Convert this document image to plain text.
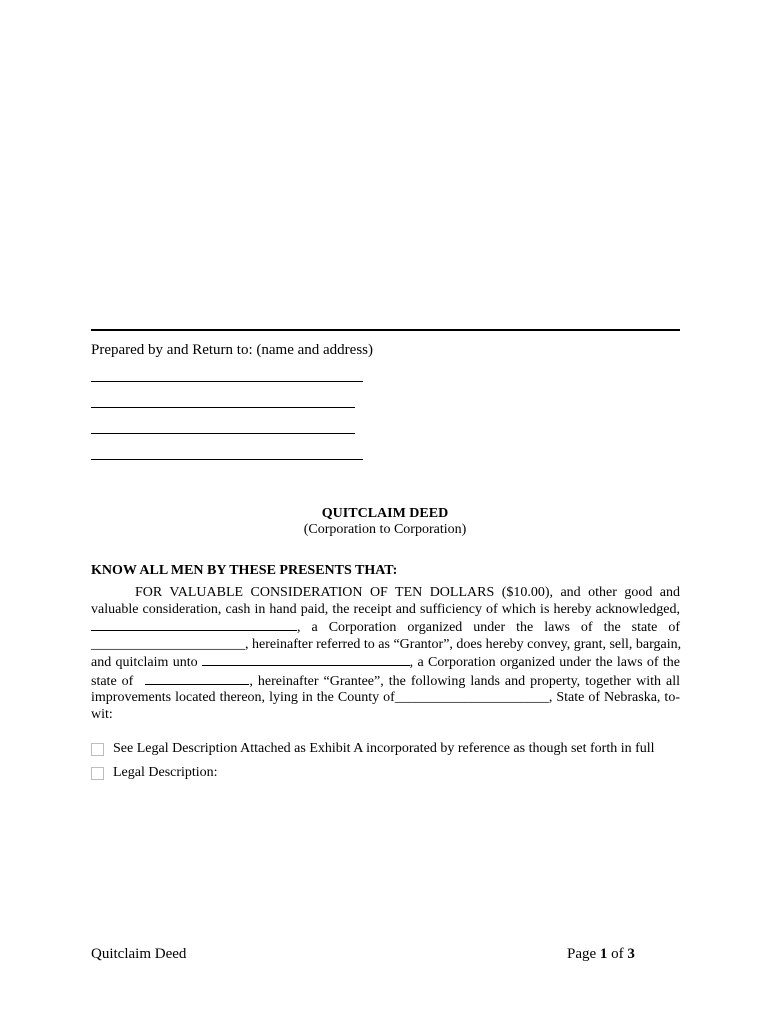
Prepared by and Return to: (name and address)
QUITCLAIM DEED
(Corporation to Corporation)
KNOW ALL MEN BY THESE PRESENTS THAT:
FOR VALUABLE CONSIDERATION OF TEN DOLLARS ($10.00), and other good and
valuable consideration, cash in hand paid, the receipt and sufficiency of which is hereby acknowledged,
, a Corporation organized under the laws of the state of
______________________, hereinafter referred to as “Grantor”, does hereby convey, grant, sell, bargain,
and quitclaim unto	, a Corporation organized under the laws of the
state of	, hereinafter “Grantee”, the following lands and property, together with all
improvements located thereon, lying in the County of______________________, State of Nebraska, to-
wit:
See Legal Description Attached as Exhibit A incorporated by reference as though set forth in full
Legal Description:
Quitclaim Deed	Page 1 of 3
